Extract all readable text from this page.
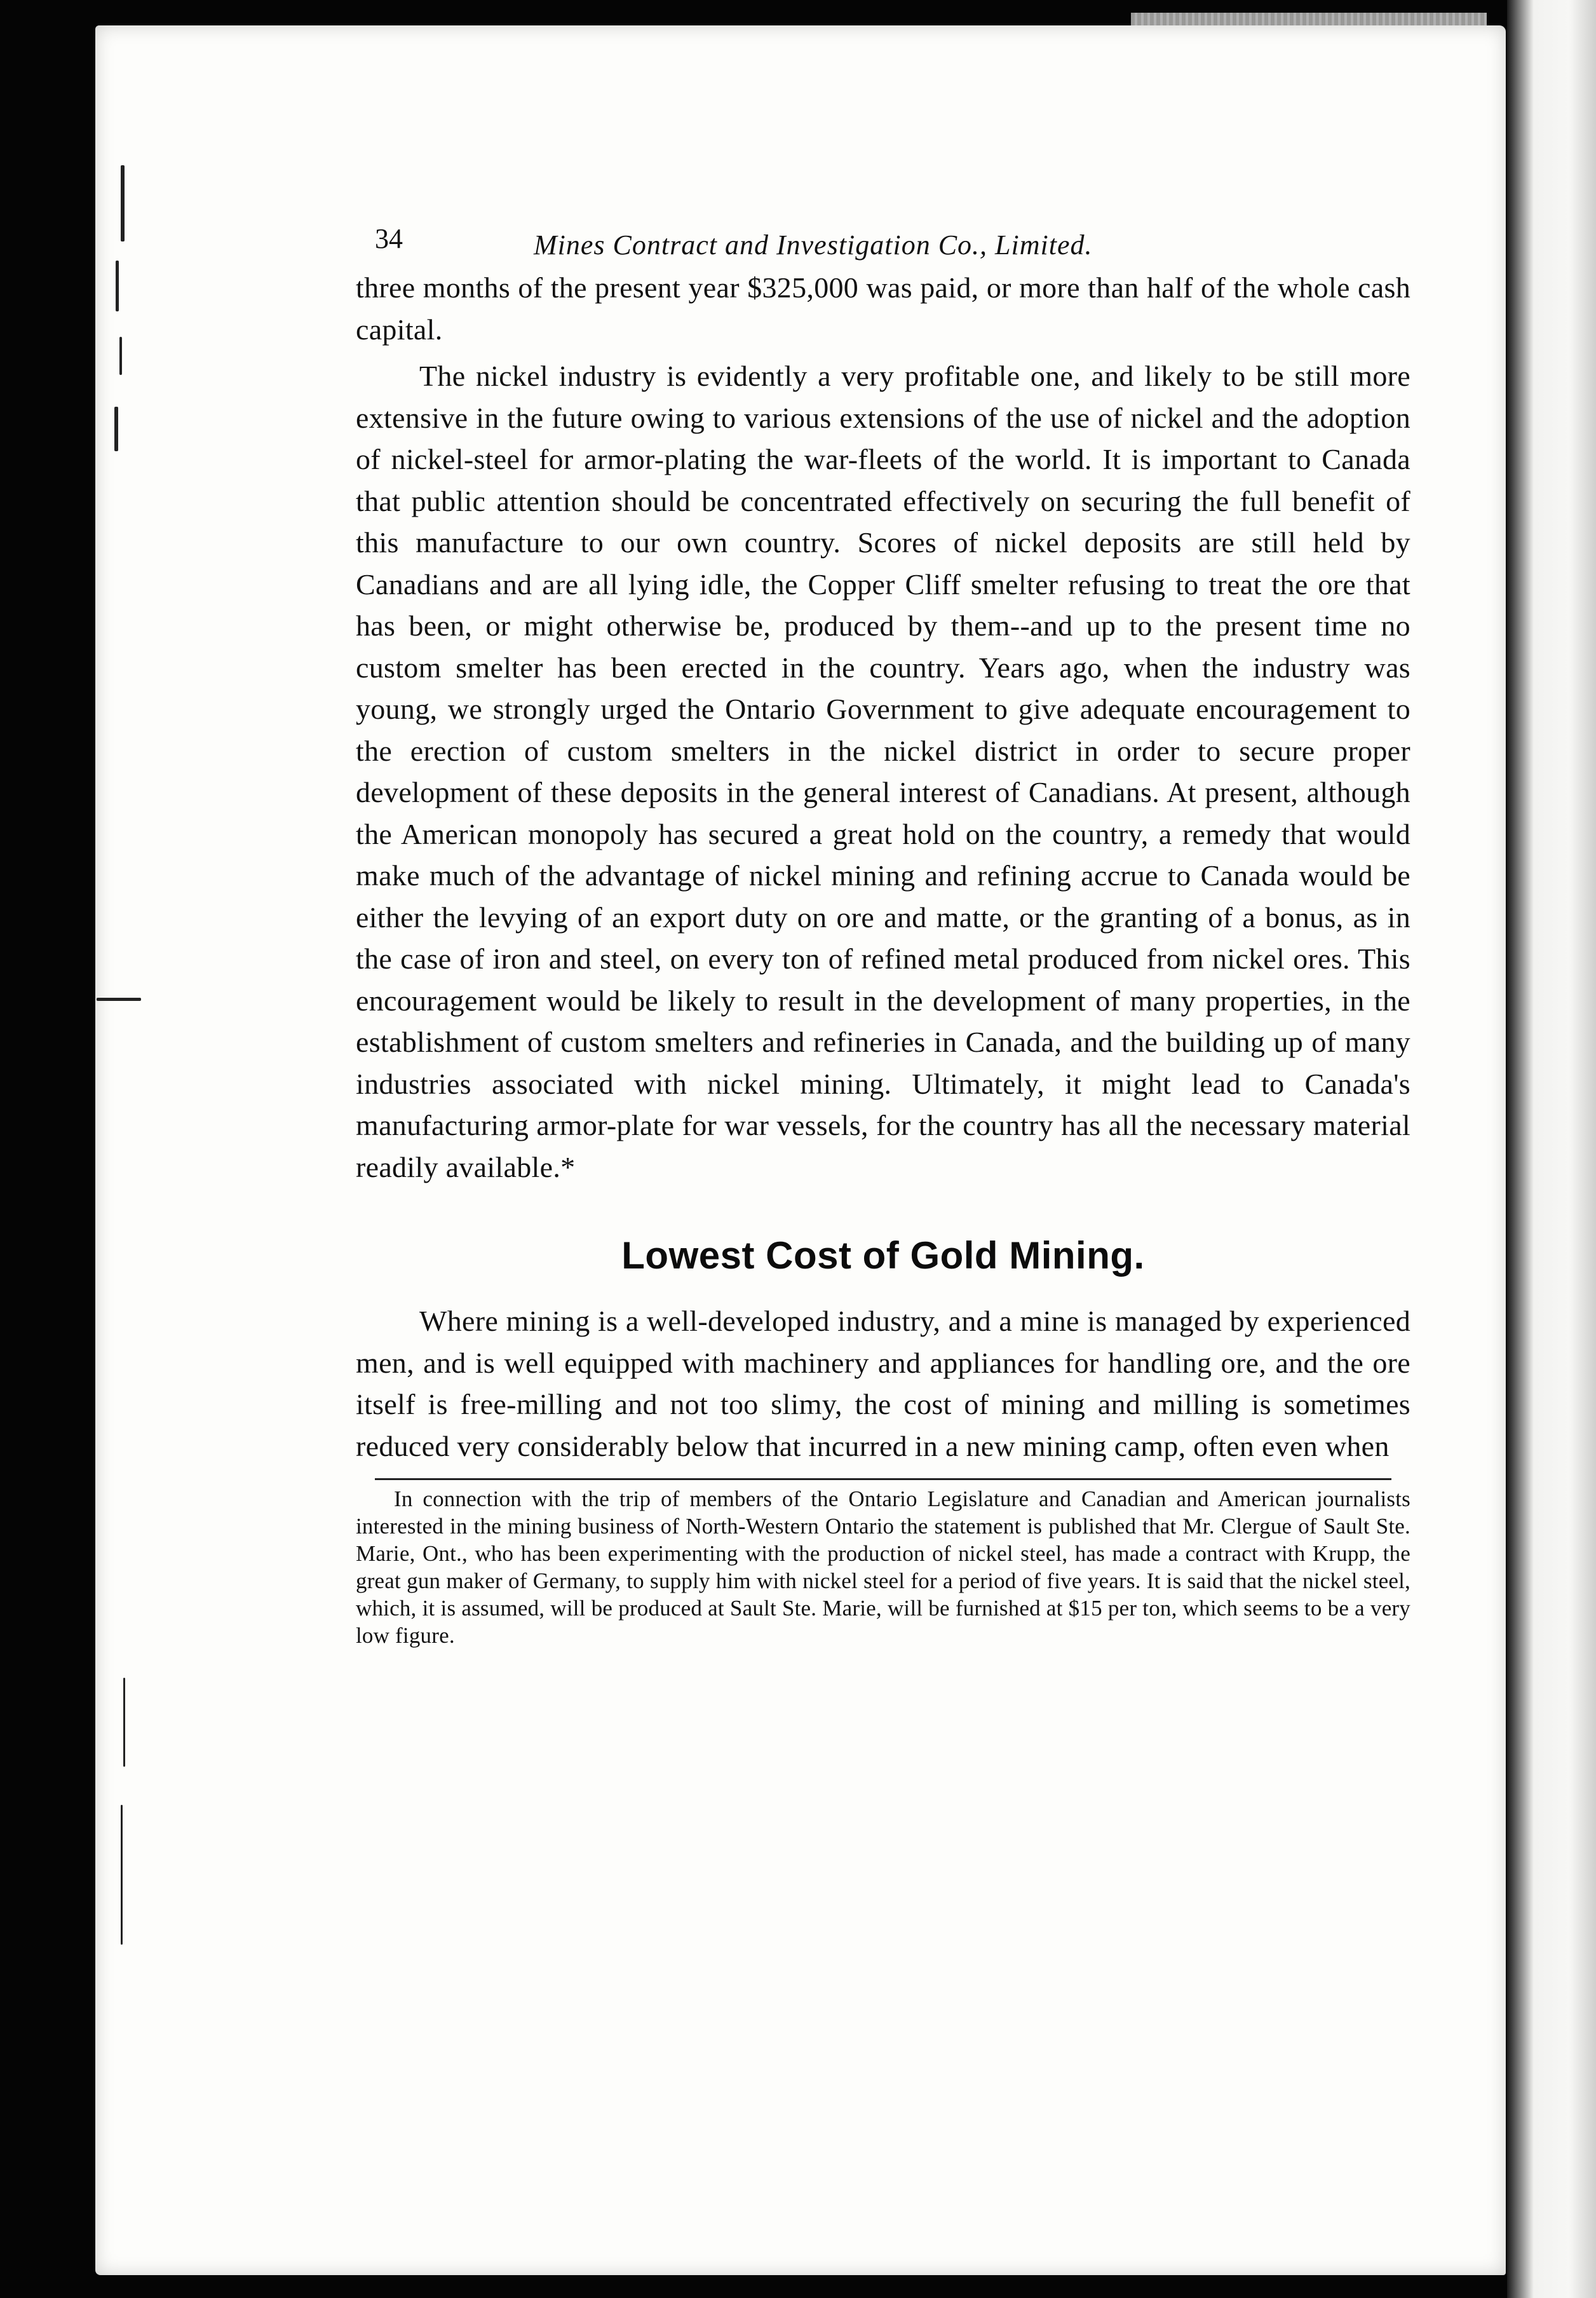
34	Mines Contract and Investigation Co., Limited.

three months of the present year $325,000 was paid, or more than half of the whole cash capital.

The nickel industry is evidently a very profitable one, and likely to be still more extensive in the future owing to various extensions of the use of nickel and the adoption of nickel-steel for armor-plating the war-fleets of the world. It is important to Canada that public attention should be concentrated effectively on securing the full benefit of this manufacture to our own country. Scores of nickel deposits are still held by Canadians and are all lying idle, the Copper Cliff smelter refusing to treat the ore that has been, or might otherwise be, produced by them--and up to the present time no custom smelter has been erected in the country. Years ago, when the industry was young, we strongly urged the Ontario Government to give adequate encouragement to the erection of custom smelters in the nickel district in order to secure proper development of these deposits in the general interest of Canadians. At present, although the American monopoly has secured a great hold on the country, a remedy that would make much of the advantage of nickel mining and refining accrue to Canada would be either the levying of an export duty on ore and matte, or the granting of a bonus, as in the case of iron and steel, on every ton of refined metal produced from nickel ores. This encouragement would be likely to result in the development of many properties, in the establishment of custom smelters and refineries in Canada, and the building up of many industries associated with nickel mining. Ultimately, it might lead to Canada's manufacturing armor-plate for war vessels, for the country has all the necessary material readily available.*

Lowest Cost of Gold Mining.

Where mining is a well-developed industry, and a mine is managed by experienced men, and is well equipped with machinery and appliances for handling ore, and the ore itself is free-milling and not too slimy, the cost of mining and milling is sometimes reduced very considerably below that incurred in a new mining camp, often even when

In connection with the trip of members of the Ontario Legislature and Canadian and American journalists interested in the mining business of North-Western Ontario the statement is published that Mr. Clergue of Sault Ste. Marie, Ont., who has been experimenting with the production of nickel steel, has made a contract with Krupp, the great gun maker of Germany, to supply him with nickel steel for a period of five years. It is said that the nickel steel, which, it is assumed, will be produced at Sault Ste. Marie, will be furnished at $15 per ton, which seems to be a very low figure.
